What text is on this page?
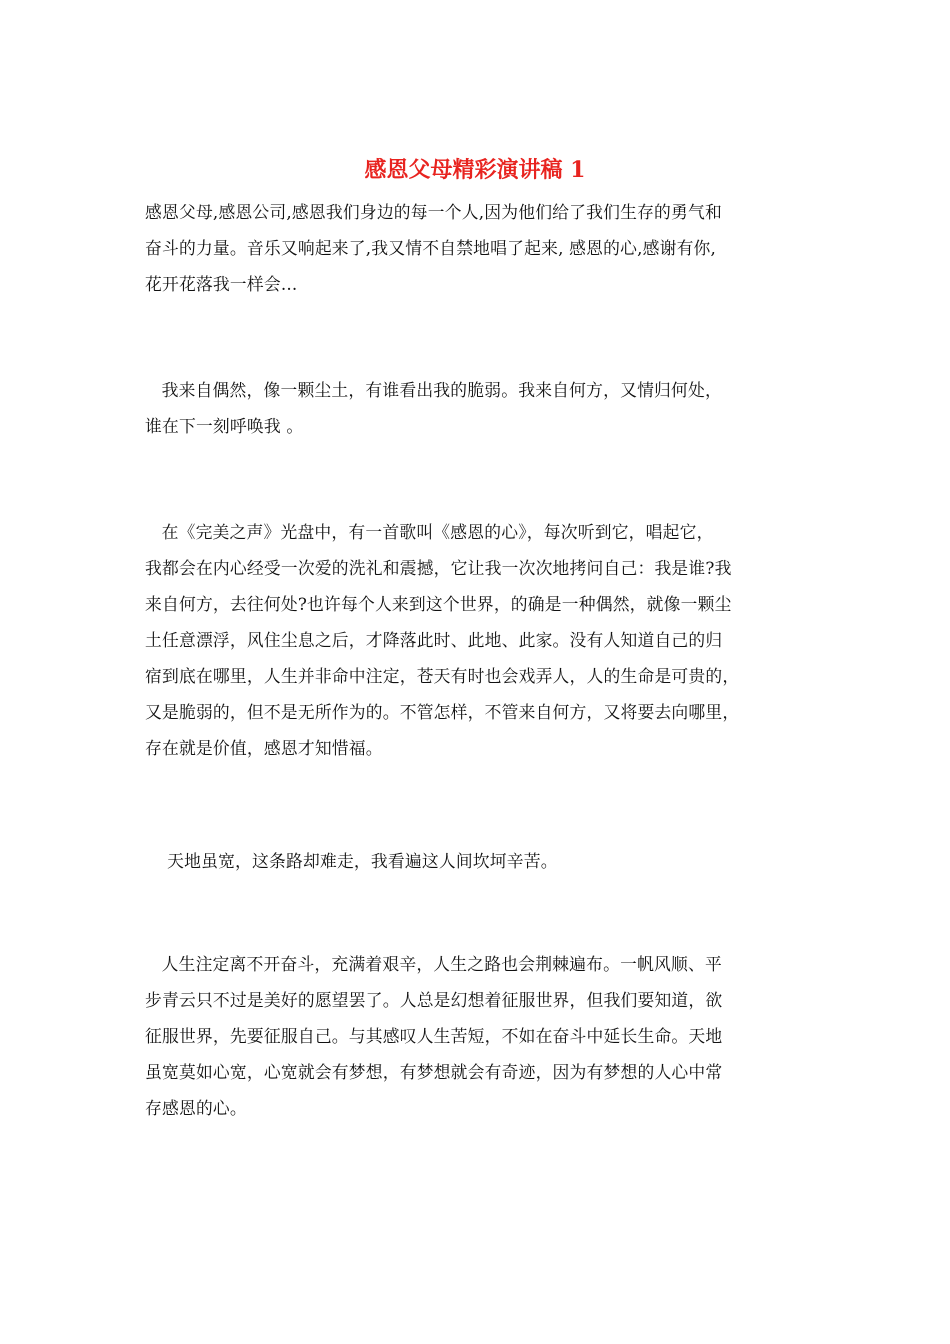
感恩父母精彩演讲稿 1

感恩父母,感恩公司,感恩我们身边的每一个人,因为他们给了我们生存的勇气和
奋斗的力量。音乐又响起来了,我又情不自禁地唱了起来, 感恩的心,感谢有你,
花开花落我一样会...

我来自偶然，像一颗尘土，有谁看出我的脆弱。我来自何方，又情归何处，
谁在下一刻呼唤我 。

在《完美之声》光盘中，有一首歌叫《感恩的心》，每次听到它，唱起它，
我都会在内心经受一次爱的洗礼和震撼，它让我一次次地拷问自己：我是谁?我
来自何方，去往何处?也许每个人来到这个世界，的确是一种偶然，就像一颗尘
土任意漂浮，风住尘息之后，才降落此时、此地、此家。没有人知道自己的归
宿到底在哪里，人生并非命中注定，苍天有时也会戏弄人，人的生命是可贵的，
又是脆弱的，但不是无所作为的。不管怎样，不管来自何方，又将要去向哪里，
存在就是价值，感恩才知惜福。

天地虽宽，这条路却难走，我看遍这人间坎坷辛苦。

人生注定离不开奋斗，充满着艰辛，人生之路也会荆棘遍布。一帆风顺、平
步青云只不过是美好的愿望罢了。人总是幻想着征服世界，但我们要知道，欲
征服世界，先要征服自己。与其感叹人生苦短，不如在奋斗中延长生命。天地
虽宽莫如心宽，心宽就会有梦想，有梦想就会有奇迹，因为有梦想的人心中常
存感恩的心。
